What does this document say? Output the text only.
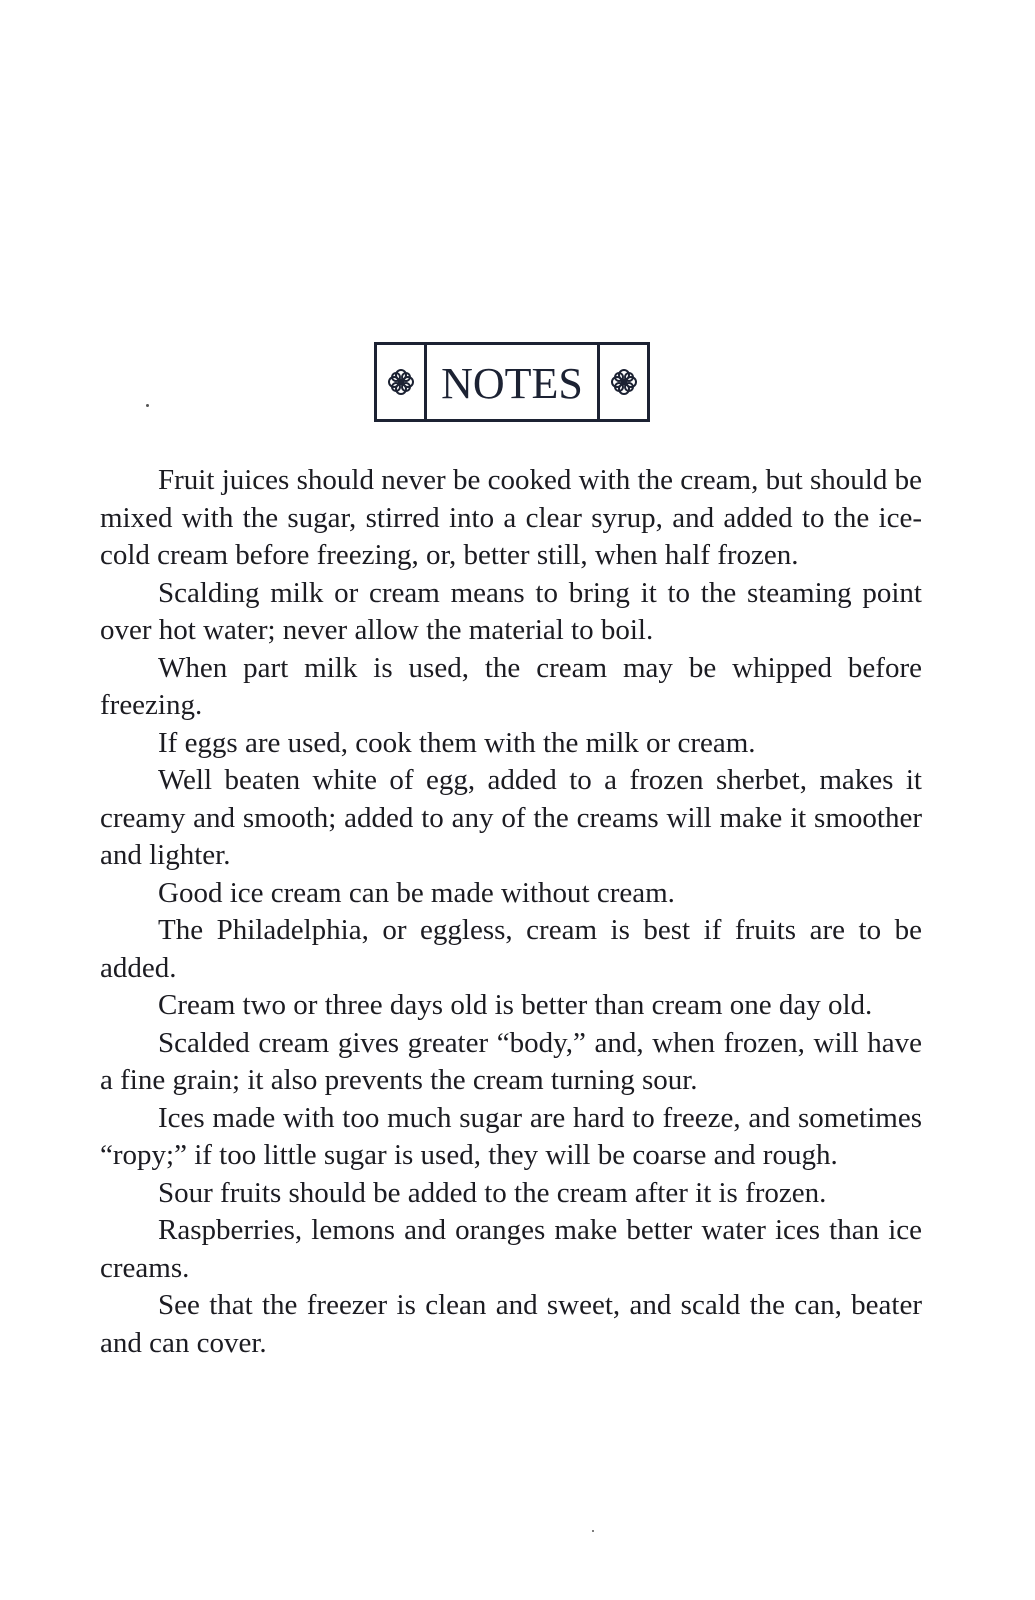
NOTES

Fruit juices should never be cooked with the cream, but should be mixed with the sugar, stirred into a clear syrup, and added to the ice-cold cream before freezing, or, better still, when half frozen.

Scalding milk or cream means to bring it to the steaming point over hot water; never allow the material to boil.

When part milk is used, the cream may be whipped before freezing.

If eggs are used, cook them with the milk or cream.

Well beaten white of egg, added to a frozen sherbet, makes it creamy and smooth; added to any of the creams will make it smoother and lighter.

Good ice cream can be made without cream.

The Philadelphia, or eggless, cream is best if fruits are to be added.

Cream two or three days old is better than cream one day old.

Scalded cream gives greater “body,” and, when frozen, will have a fine grain; it also prevents the cream turning sour.

Ices made with too much sugar are hard to freeze, and sometimes “ropy;” if too little sugar is used, they will be coarse and rough.

Sour fruits should be added to the cream after it is frozen.

Raspberries, lemons and oranges make better water ices than ice creams.

See that the freezer is clean and sweet, and scald the can, beater and can cover.
